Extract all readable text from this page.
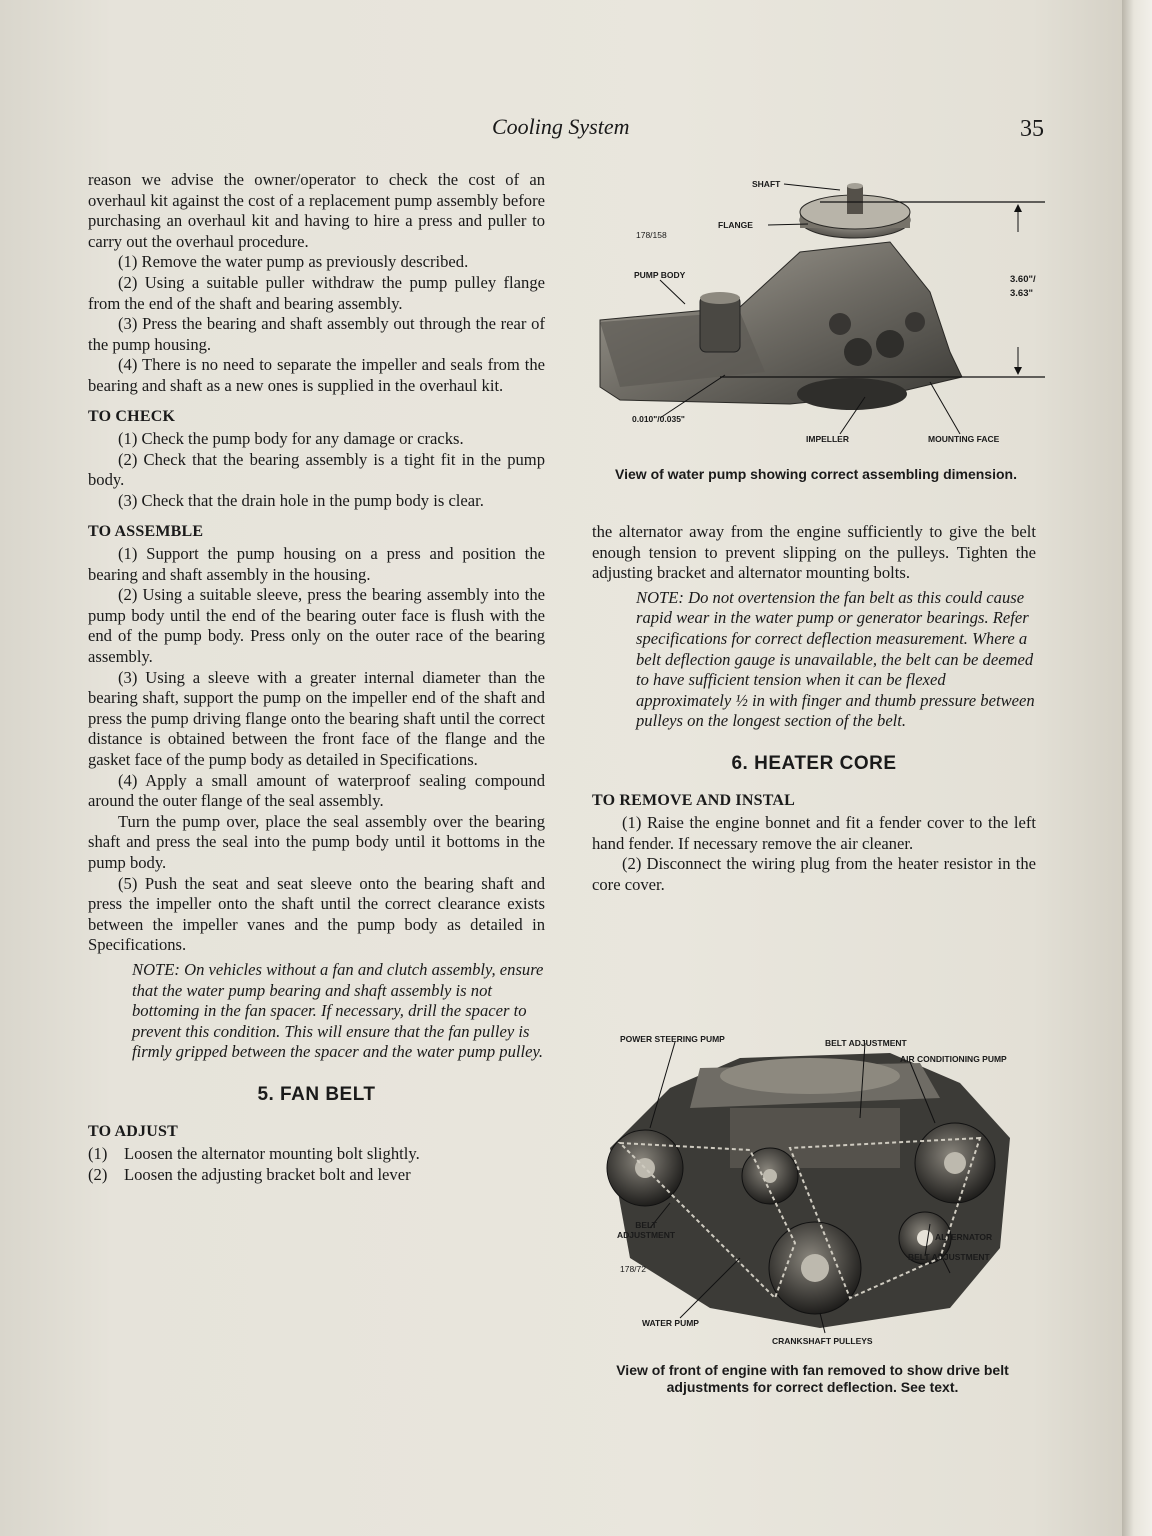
Cooling System	35

reason we advise the owner/operator to check the cost of an overhaul kit against the cost of a replacement pump assembly before purchasing an overhaul kit and having to hire a press and puller to carry out the overhaul procedure.

(1) Remove the water pump as previously described.

(2) Using a suitable puller withdraw the pump pulley flange from the end of the shaft and bearing assembly.

(3) Press the bearing and shaft assembly out through the rear of the pump housing.

(4) There is no need to separate the impeller and seals from the bearing and shaft as a new ones is supplied in the overhaul kit.

TO CHECK

(1) Check the pump body for any damage or cracks.

(2) Check that the bearing assembly is a tight fit in the pump body.

(3) Check that the drain hole in the pump body is clear.

TO ASSEMBLE

(1) Support the pump housing on a press and position the bearing and shaft assembly in the housing.

(2) Using a suitable sleeve, press the bearing assembly into the pump body until the end of the bearing outer face is flush with the end of the pump body. Press only on the outer race of the bearing assembly.

(3) Using a sleeve with a greater internal diameter than the bearing shaft, support the pump on the impeller end of the shaft and press the pump driving flange onto the bearing shaft until the correct distance is obtained between the front face of the flange and the gasket face of the pump body as detailed in Specifications.

(4) Apply a small amount of waterproof sealing compound around the outer flange of the seal assembly.

Turn the pump over, place the seal assembly over the bearing shaft and press the seal into the pump body until it bottoms in the pump body.

(5) Push the seat and seat sleeve onto the bearing shaft and press the impeller onto the shaft until the correct clearance exists between the impeller vanes and the pump body as detailed in Specifications.

NOTE: On vehicles without a fan and clutch assembly, ensure that the water pump bearing and shaft assembly is not bottoming in the fan spacer. If necessary, drill the spacer to prevent this condition. This will ensure that the fan pulley is firmly gripped between the spacer and the water pump pulley.

5. FAN BELT
TO ADJUST

(1) Loosen the alternator mounting bolt slightly.

(2) Loosen the adjusting bracket bolt and lever

SHAFT
FLANGE
178/158
PUMP BODY	3.60"/
3.63"
0.010"/0.035"
IMPELLER	MOUNTING FACE
View of water pump showing correct assembling dimension.

the alternator away from the engine sufficiently to give the belt enough tension to prevent slipping on the pulleys. Tighten the adjusting bracket and alternator mounting bolts.

NOTE: Do not overtension the fan belt as this could cause rapid wear in the water pump or generator bearings. Refer specifications for correct deflection measurement. Where a belt deflection gauge is unavailable, the belt can be deemed to have sufficient tension when it can be flexed approximately ½ in with finger and thumb pressure between pulleys on the longest section of the belt.

6. HEATER CORE
TO REMOVE AND INSTAL

(1) Raise the engine bonnet and fit a fender cover to the left hand fender. If necessary remove the air cleaner.

(2) Disconnect the wiring plug from the heater resistor in the core cover.

POWER STEERING PUMP	BELT ADJUSTMENT
AIR CONDITIONING PUMP
BELT ADJUSTMENT
178/72
ALTERNATOR
BELT ADJUSTMENT
WATER PUMP
CRANKSHAFT PULLEYS
View of front of engine with fan removed to show drive belt adjustments for correct deflection. See text.
